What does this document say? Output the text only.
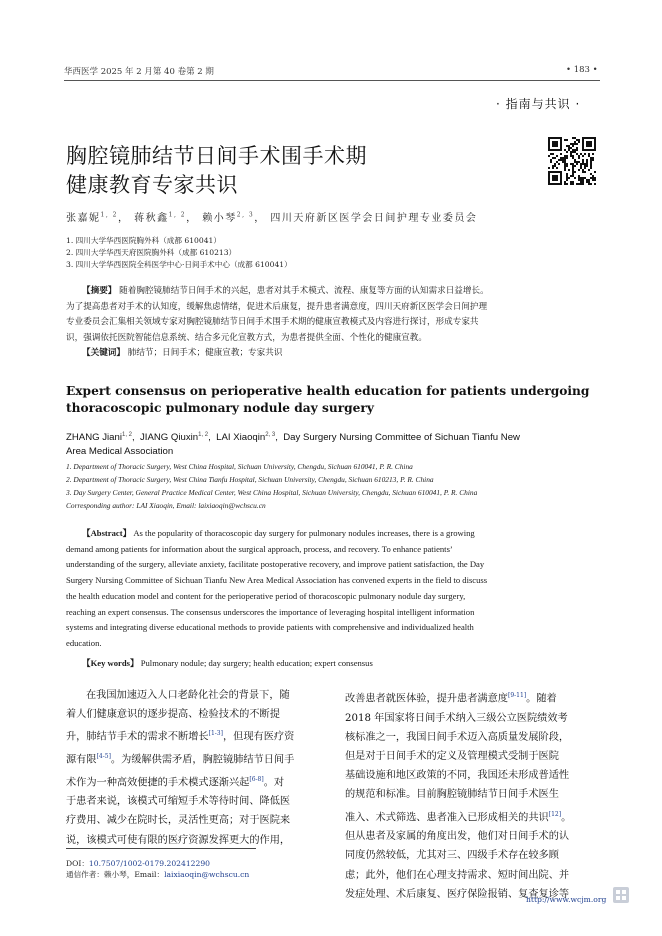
华西医学 2025 年 2 月第 40 卷第 2 期	• 183 •
· 指南与共识 ·
胸腔镜肺结节日间手术围手术期
健康教育专家共识
张嘉妮$^{1, 2}$， 蒋秋鑫$^{1, 2}$， 赖小琴$^{2, 3}$， 四川天府新区医学会日间护理专业委员会
1. 四川大学华西医院胸外科（成都 610041）
2. 四川大学华西天府医院胸外科（成都 610213）
3. 四川大学华西医院全科医学中心·日间手术中心（成都 610041）
【摘要】 随着胸腔镜肺结节日间手术的兴起，患者对其手术模式、流程、康复等方面的认知需求日益增长。
为了提高患者对手术的认知度，缓解焦虑情绪，促进术后康复，提升患者满意度，四川天府新区医学会日间护理
专业委员会汇集相关领域专家对胸腔镜肺结节日间手术围手术期的健康宣教模式及内容进行探讨，形成专家共
识，强调依托医院智能信息系统、结合多元化宣教方式，为患者提供全面、个性化的健康宣教。
【关键词】 肺结节；日间手术；健康宣教；专家共识
Expert consensus on perioperative health education for patients undergoing
thoracoscopic pulmonary nodule day surgery
ZHANG Jiani$^{1, 2}$,  JIANG Qiuxin$^{1, 2}$,  LAI Xiaoqin$^{2, 3}$,  Day Surgery Nursing Committee of Sichuan Tianfu New
Area Medical Association
1. Department of Thoracic Surgery, West China Hospital, Sichuan University, Chengdu, Sichuan 610041, P. R. China
2. Department of Thoracic Surgery, West China Tianfu Hospital, Sichuan University, Chengdu, Sichuan 610213, P. R. China
3. Day Surgery Center, General Practice Medical Center, West China Hospital, Sichuan University, Chengdu, Sichuan 610041, P. R. China
Corresponding author: LAI Xiaoqin, Email: laixiaoqin@wchscu.cn
【Abstract】 As the popularity of thoracoscopic day surgery for pulmonary nodules increases, there is a growing
demand among patients for information about the surgical approach, process, and recovery. To enhance patients’
understanding of the surgery, alleviate anxiety, facilitate postoperative recovery, and improve patient satisfaction, the Day
Surgery Nursing Committee of Sichuan Tianfu New Area Medical Association has convened experts in the field to discuss
the health education model and content for the perioperative period of thoracoscopic pulmonary nodule day surgery,
reaching an expert consensus. The consensus underscores the importance of leveraging hospital intelligent information
systems and integrating diverse educational methods to provide patients with comprehensive and individualized health
education.
【Key words】 Pulmonary nodule; day surgery; health education; expert consensus
在我国加速迈入人口老龄化社会的背景下，随
着人们健康意识的逐步提高、检验技术的不断提
升，肺结节手术的需求不断增长[1-3]，但现有医疗资
源有限[4-5]。为缓解供需矛盾，胸腔镜肺结节日间手
术作为一种高效便捷的手术模式逐渐兴起[6-8]。对
于患者来说，该模式可缩短手术等待时间、降低医
疗费用、减少在院时长，灵活性更高；对于医院来
说，该模式可使有限的医疗资源发挥更大的作用，
改善患者就医体验，提升患者满意度[9-11]。随着
2018 年国家将日间手术纳入三级公立医院绩效考
核标准之一，我国日间手术迈入高质量发展阶段，
但是对于日间手术的定义及管理模式受制于医院
基础设施和地区政策的不同，我国还未形成普适性
的规范和标准。目前胸腔镜肺结节日间手术医生
准入、术式筛选、患者准入已形成相关的共识[12]。
但从患者及家属的角度出发，他们对日间手术的认
同度仍然较低，尤其对三、四级手术存在较多顾
虑；此外，他们在心理支持需求、短时间出院、并
发症处理、术后康复、医疗保险报销、复查复诊等
DOI：10.7507/1002-0179.202412290
通信作者：赖小琴，Email：laixiaoqin@wchscu.cn
http://www.wcjm.org
